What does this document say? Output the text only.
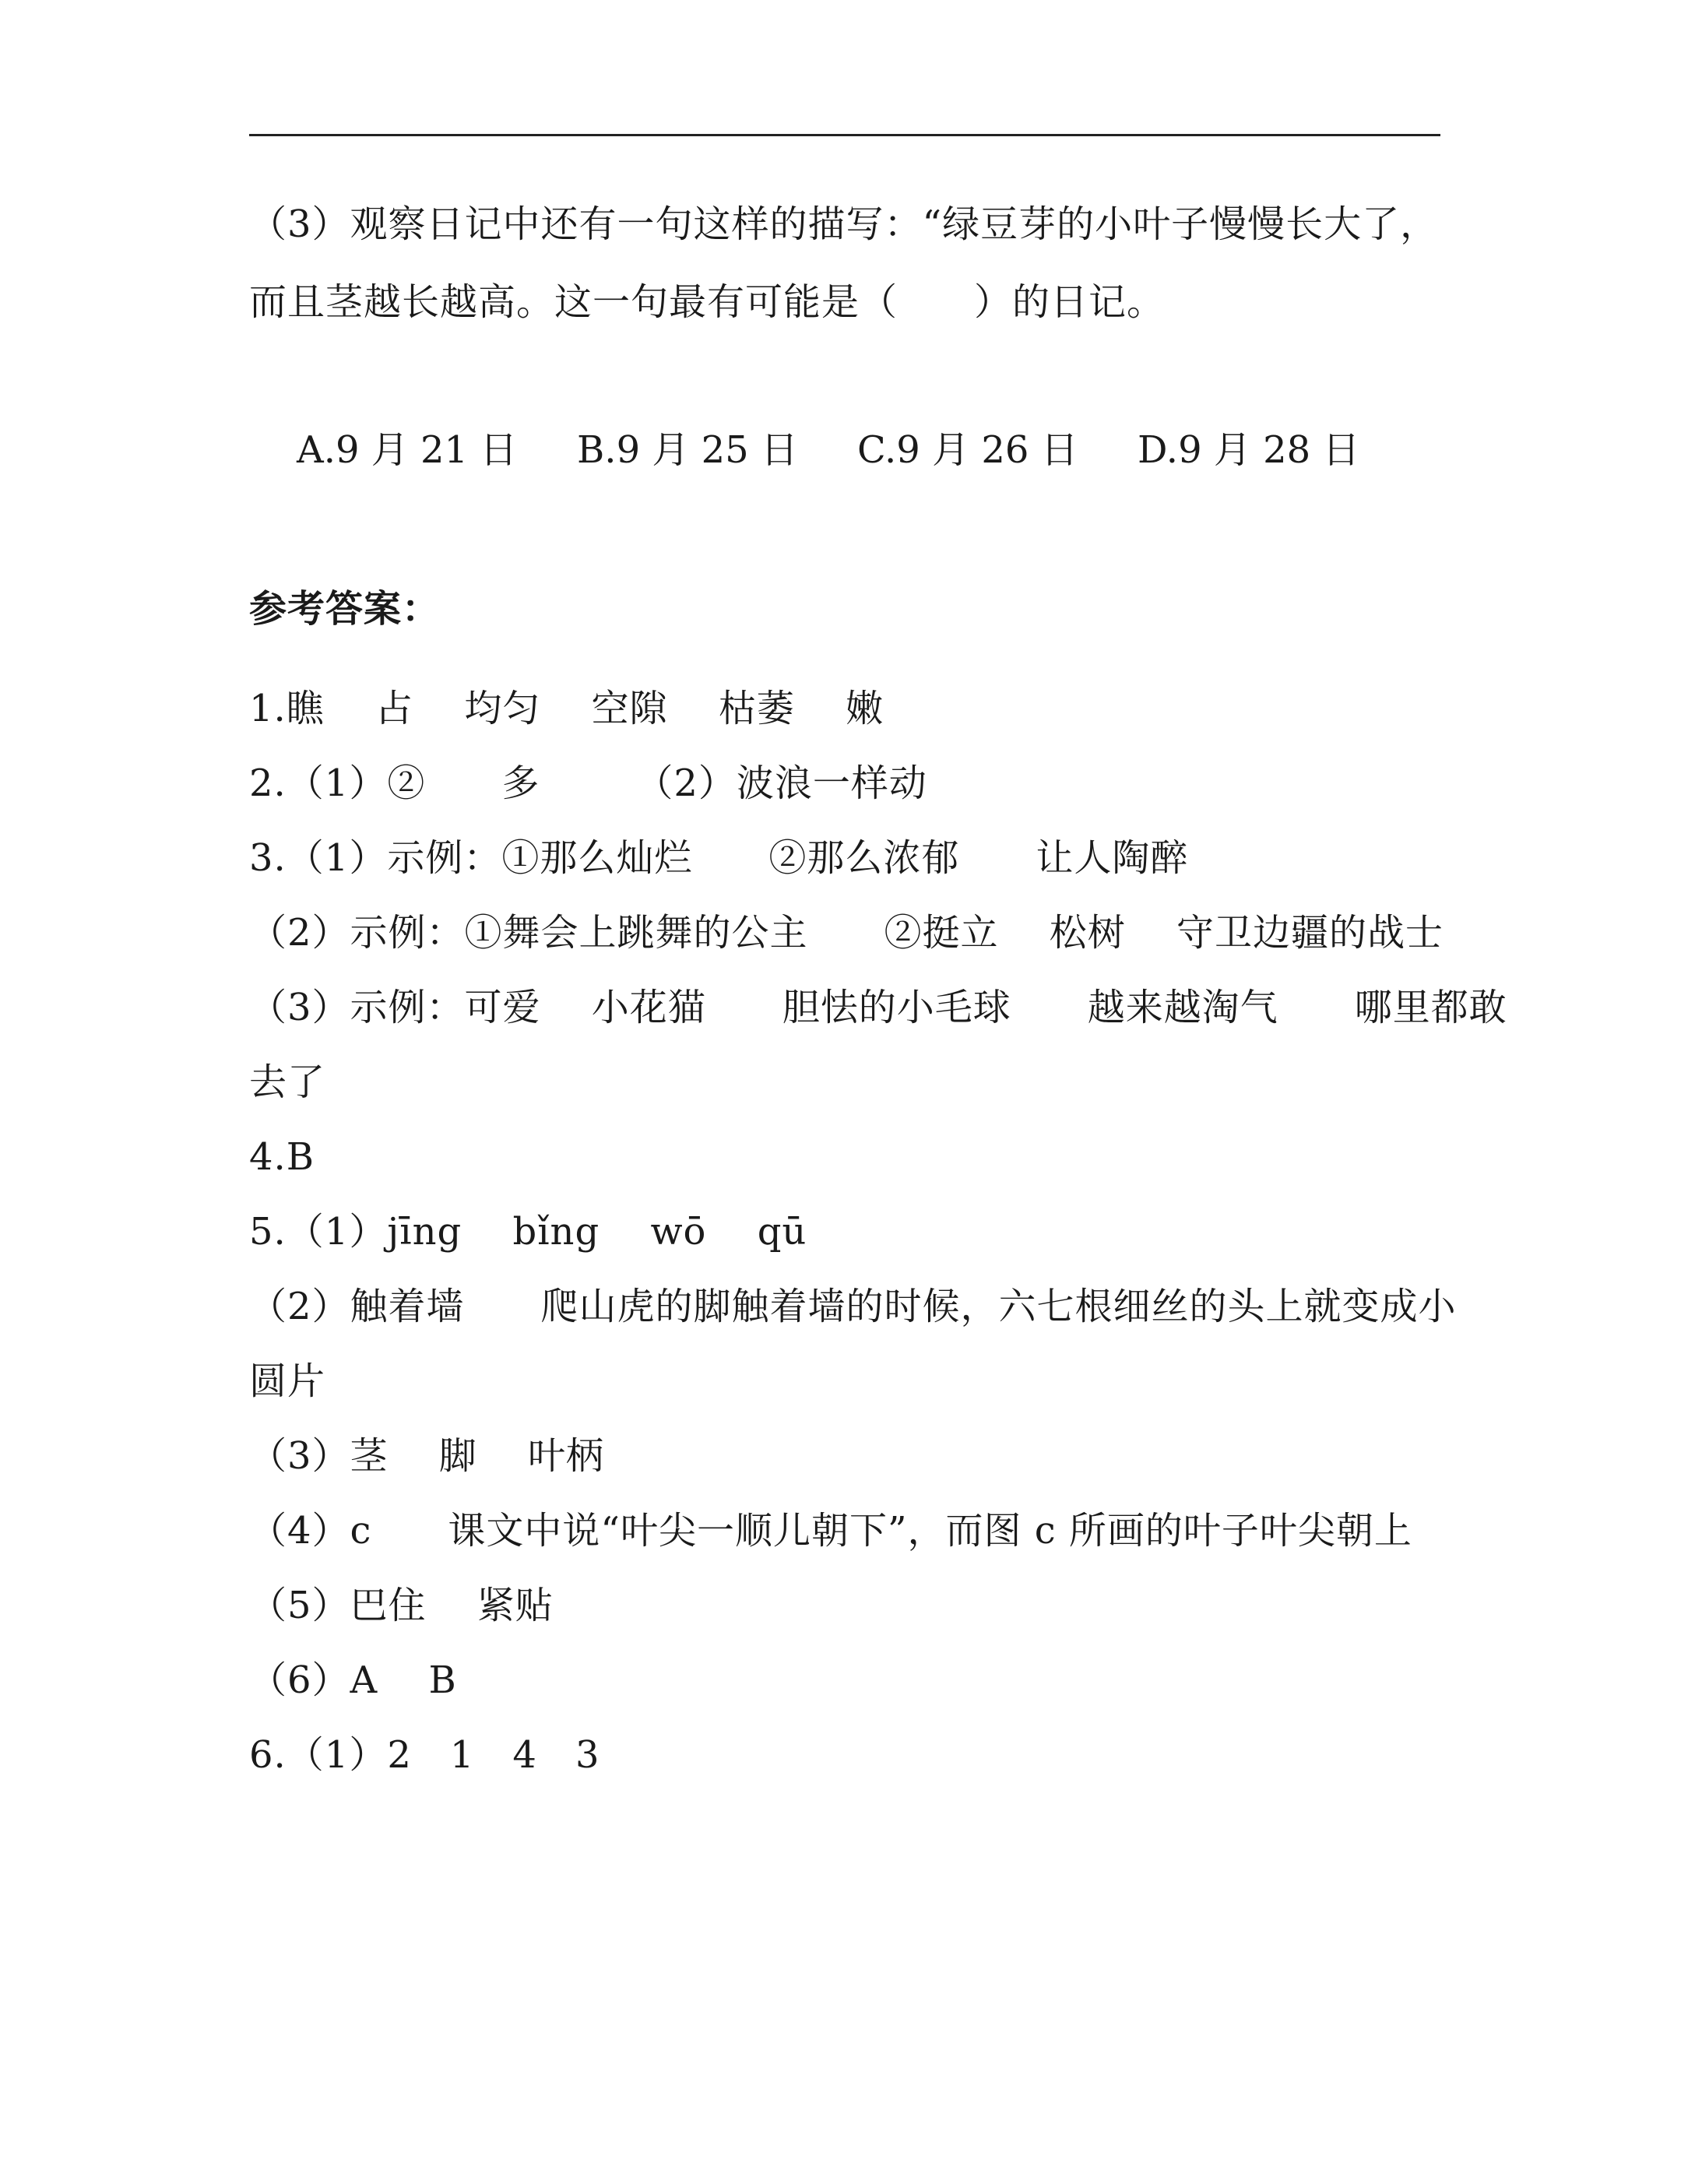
（3）观察日记中还有一句这样的描写：“绿豆芽的小叶子慢慢长大了，
而且茎越长越高。这一句最有可能是（　　）的日记。

A.9 月 21 日 B.9 月 25 日 C.9 月 26 日 D.9 月 28 日

参考答案：
1.瞧　 占　 均匀　 空隙　 枯萎　 嫩
2.（1）②　　多　　　（2）波浪一样动
3.（1）示例：①那么灿烂　　②那么浓郁　　让人陶醉
（2）示例：①舞会上跳舞的公主　　②挺立　 松树　 守卫边疆的战士
（3）示例：可爱　 小花猫　　胆怯的小毛球　　越来越淘气　　哪里都敢
去了
4.B
5.（1）jīng　 bǐng　 wō　 qū
（2）触着墙　　爬山虎的脚触着墙的时候，六七根细丝的头上就变成小
圆片
（3）茎　 脚　 叶柄
（4）c　　课文中说“叶尖一顺儿朝下”，而图 c 所画的叶子叶尖朝上
（5）巴住　 紧贴
（6）A　 B
6.（1）2　1　4　3
